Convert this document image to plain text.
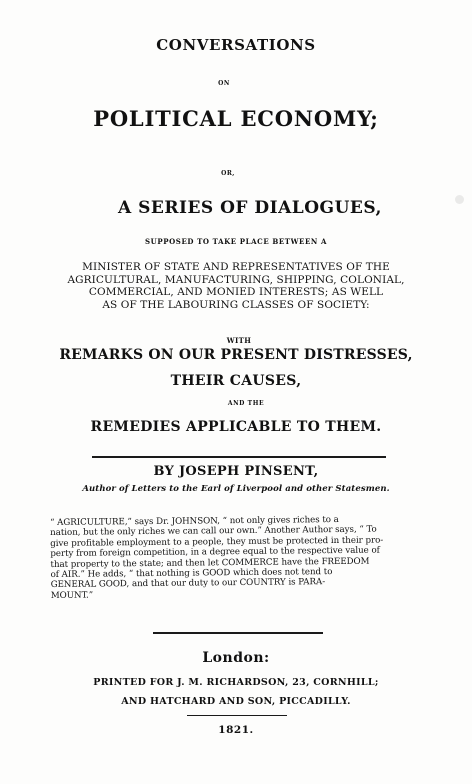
CONVERSATIONS
ON
POLITICAL ECONOMY;
OR,
A SERIES OF DIALOGUES,
SUPPOSED TO TAKE PLACE BETWEEN A
MINISTER OF STATE AND REPRESENTATIVES OF THE
AGRICULTURAL, MANUFACTURING, SHIPPING, COLONIAL,
COMMERCIAL, AND MONIED INTERESTS; AS WELL
AS OF THE LABOURING CLASSES OF SOCIETY:
WITH
REMARKS ON OUR PRESENT DISTRESSES,
THEIR CAUSES,
AND THE
REMEDIES APPLICABLE TO THEM.
BY JOSEPH PINSENT,
Author of Letters to the Earl of Liverpool and other Statesmen.
“ AGRICULTURE,” says Dr. JOHNSON, “ not only gives riches to a
nation, but the only riches we can call our own.” Another Author says, “ To
give profitable employment to a people, they must be protected in their pro-
perty from foreign competition, in a degree equal to the respective value of
that property to the state; and then let COMMERCE have the FREEDOM
of AIR.” He adds, “ that nothing is GOOD which does not tend to
GENERAL GOOD, and that our duty to our COUNTRY is PARA-
MOUNT.”
London:
PRINTED FOR J. M. RICHARDSON, 23, CORNHILL;
AND HATCHARD AND SON, PICCADILLY.
1821.
